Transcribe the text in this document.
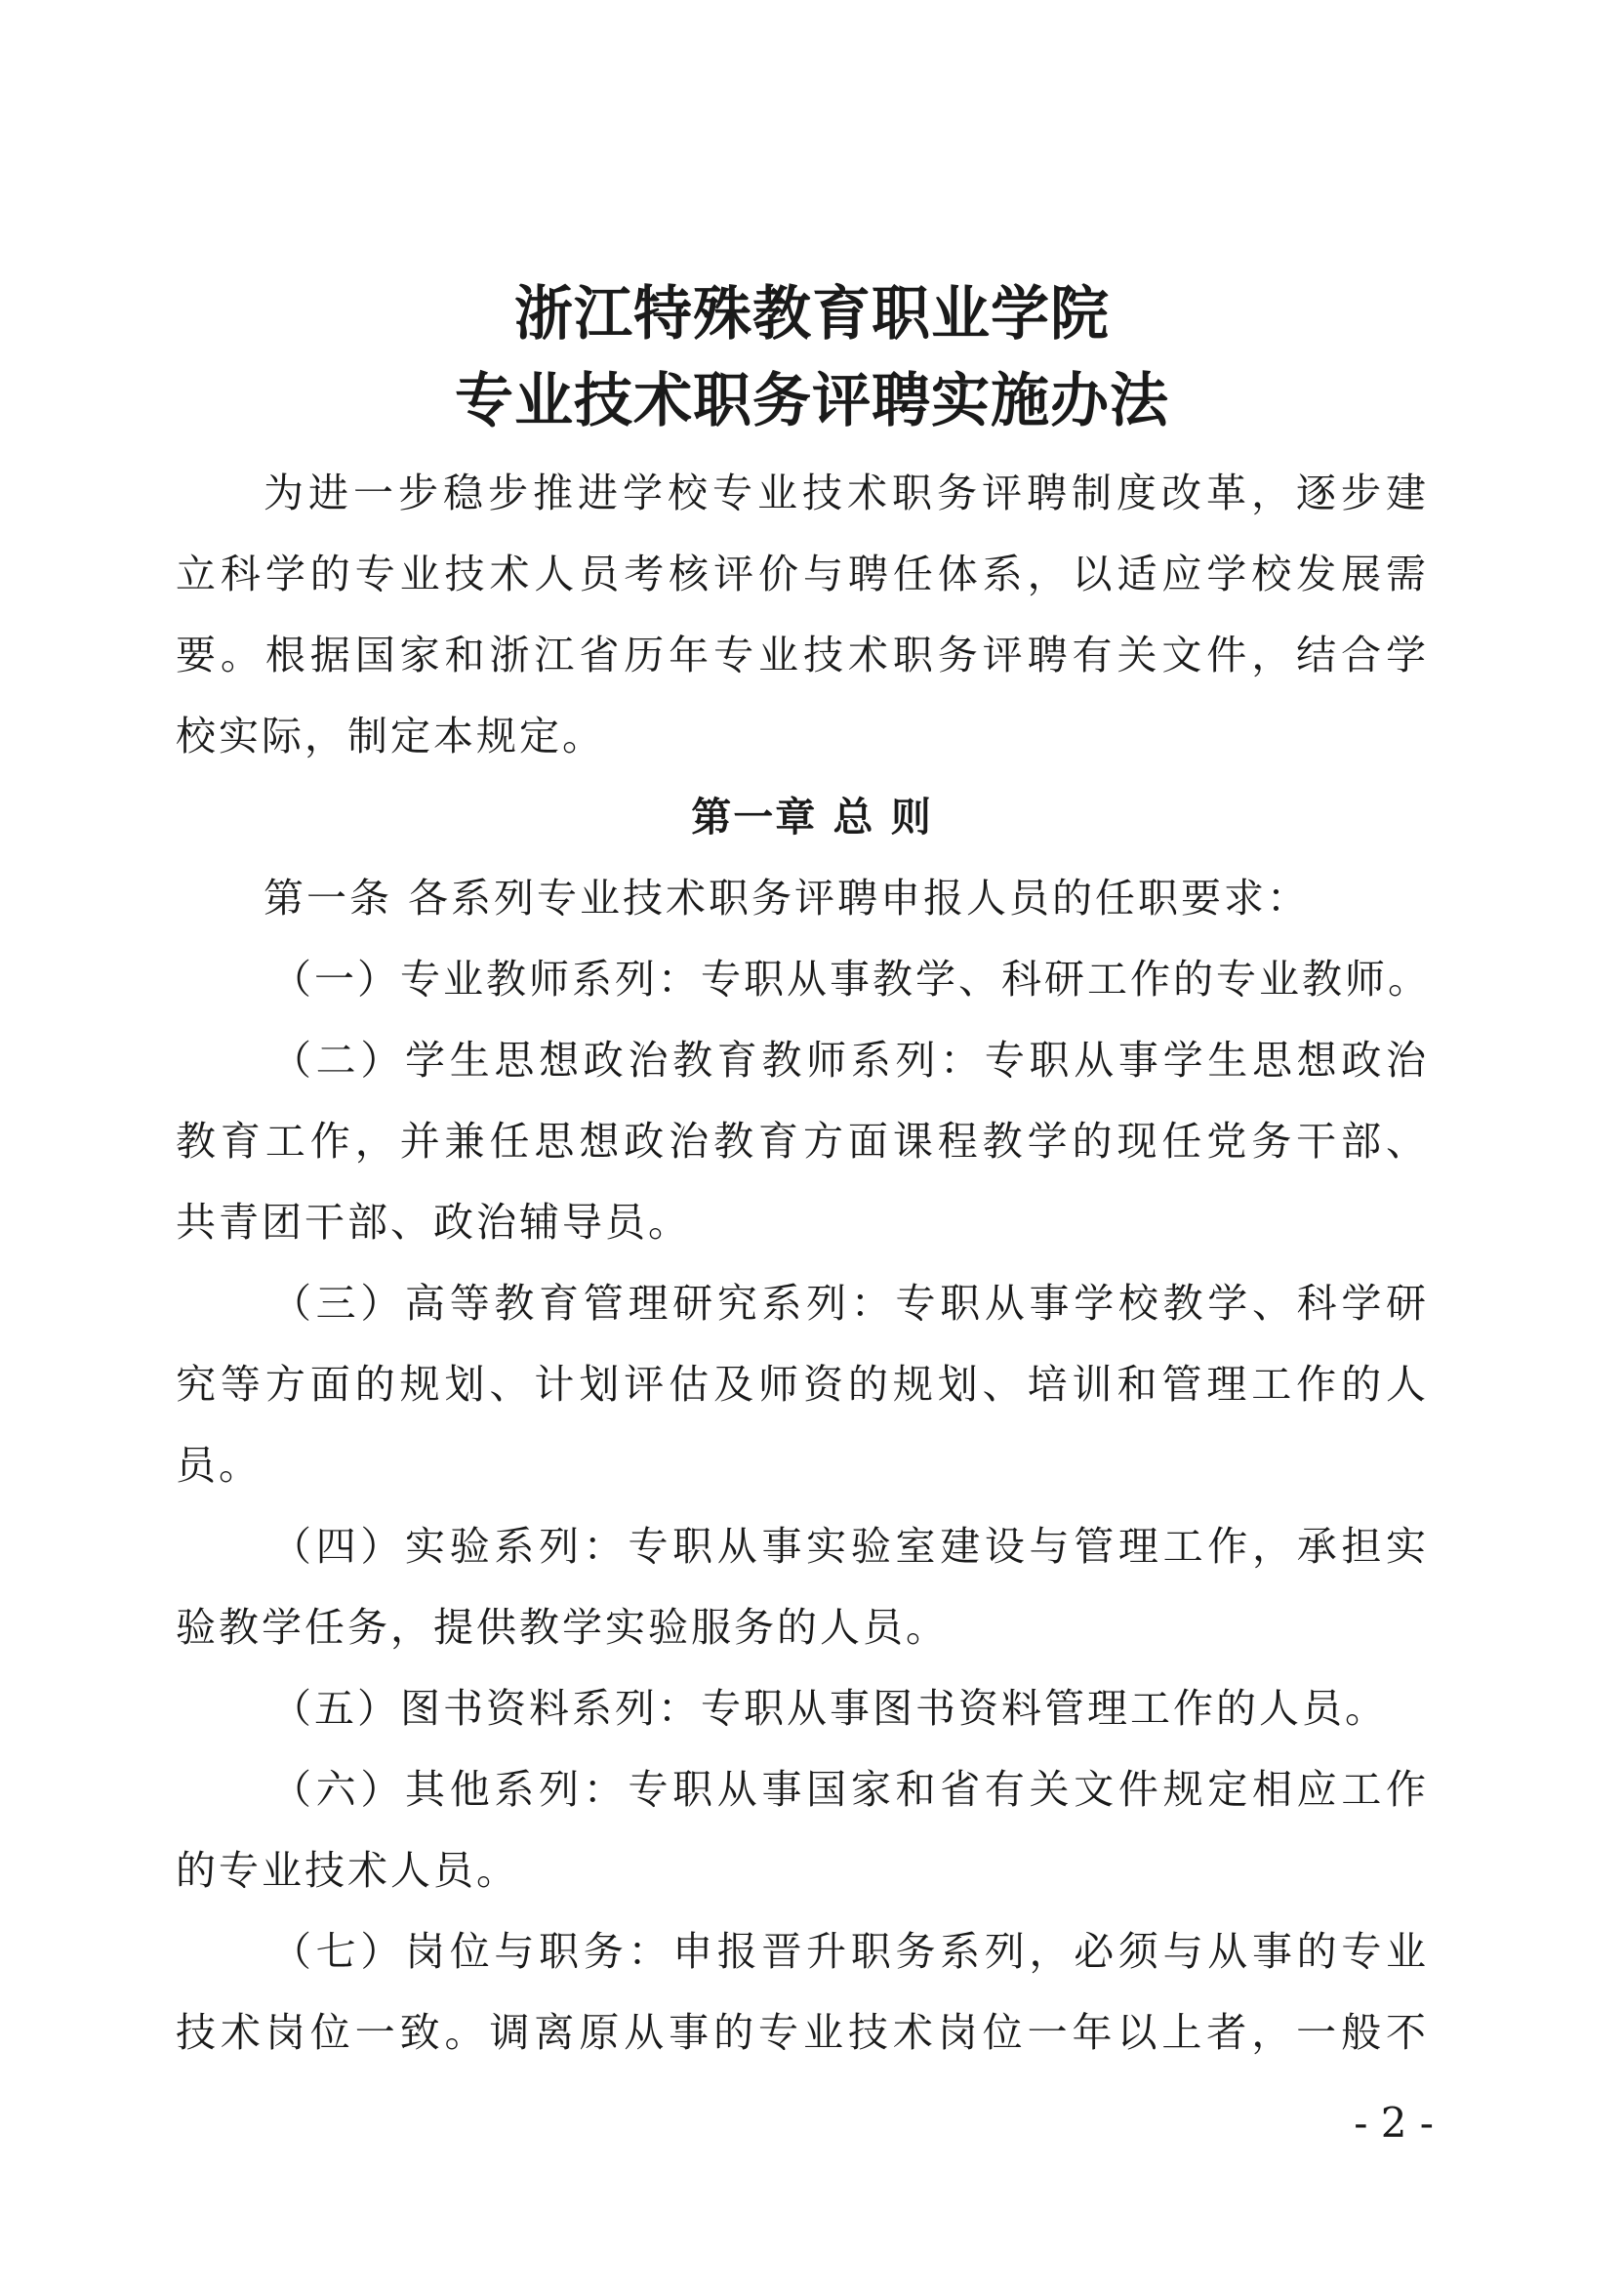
浙江特殊教育职业学院
专业技术职务评聘实施办法
为进一步稳步推进学校专业技术职务评聘制度改革，逐步建
立科学的专业技术人员考核评价与聘任体系，以适应学校发展需
要。根据国家和浙江省历年专业技术职务评聘有关文件，结合学
校实际，制定本规定。
第一章 总 则
第一条 各系列专业技术职务评聘申报人员的任职要求：
（一）专业教师系列：专职从事教学、科研工作的专业教师。
（二）学生思想政治教育教师系列：专职从事学生思想政治
教育工作，并兼任思想政治教育方面课程教学的现任党务干部、
共青团干部、政治辅导员。
（三）高等教育管理研究系列：专职从事学校教学、科学研
究等方面的规划、计划评估及师资的规划、培训和管理工作的人
员。
（四）实验系列：专职从事实验室建设与管理工作，承担实
验教学任务，提供教学实验服务的人员。
（五）图书资料系列：专职从事图书资料管理工作的人员。
（六）其他系列：专职从事国家和省有关文件规定相应工作
的专业技术人员。
（七）岗位与职务：申报晋升职务系列，必须与从事的专业
技术岗位一致。调离原从事的专业技术岗位一年以上者，一般不
- 2 -
